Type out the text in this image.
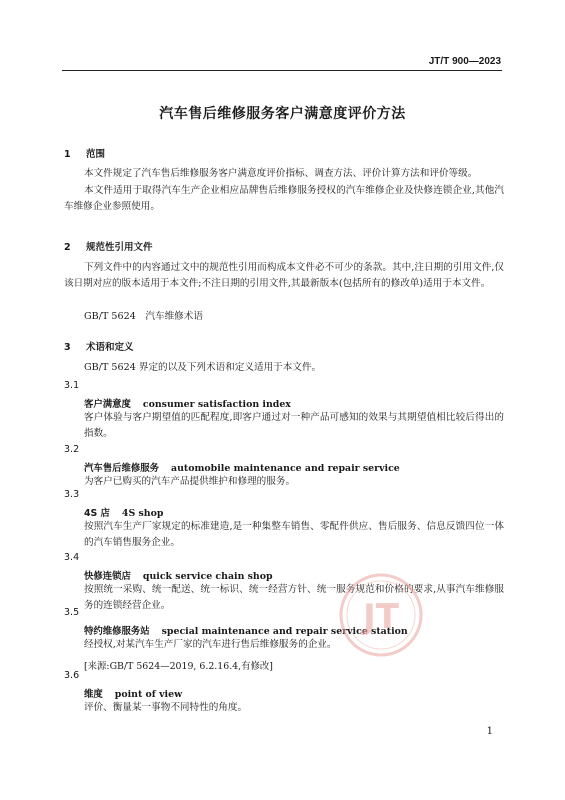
JT/T 900—2023
汽车售后维修服务客户满意度评价方法
1 范围
本文件规定了汽车售后维修服务客户满意度评价指标、调查方法、评价计算方法和评价等级。
本文件适用于取得汽车生产企业相应品牌售后维修服务授权的汽车维修企业及快修连锁企业,其他汽车维修企业参照使用。
2 规范性引用文件
下列文件中的内容通过文中的规范性引用而构成本文件必不可少的条款。其中,注日期的引用文件,仅该日期对应的版本适用于本文件;不注日期的引用文件,其最新版本(包括所有的修改单)适用于本文件。
GB/T 5624　汽车维修术语
3 术语和定义
GB/T 5624 界定的以及下列术语和定义适用于本文件。
3.1
客户满意度 consumer satisfaction index
客户体验与客户期望值的匹配程度,即客户通过对一种产品可感知的效果与其期望值相比较后得出的指数。
3.2
汽车售后维修服务 automobile maintenance and repair service
为客户已购买的汽车产品提供维护和修理的服务。
3.3
4S 店 4S shop
按照汽车生产厂家规定的标准建造,是一种集整车销售、零配件供应、售后服务、信息反馈四位一体的汽车销售服务企业。
3.4
快修连锁店 quick service chain shop
按照统一采购、统一配送、统一标识、统一经营方针、统一服务规范和价格的要求,从事汽车维修服务的连锁经营企业。
3.5
特约维修服务站 special maintenance and repair service station
经授权,对某汽车生产厂家的汽车进行售后维修服务的企业。
[来源:GB/T 5624—2019, 6.2.16.4,有修改]
3.6
维度 point of view
评价、衡量某一事物不同特性的角度。
JT
1
